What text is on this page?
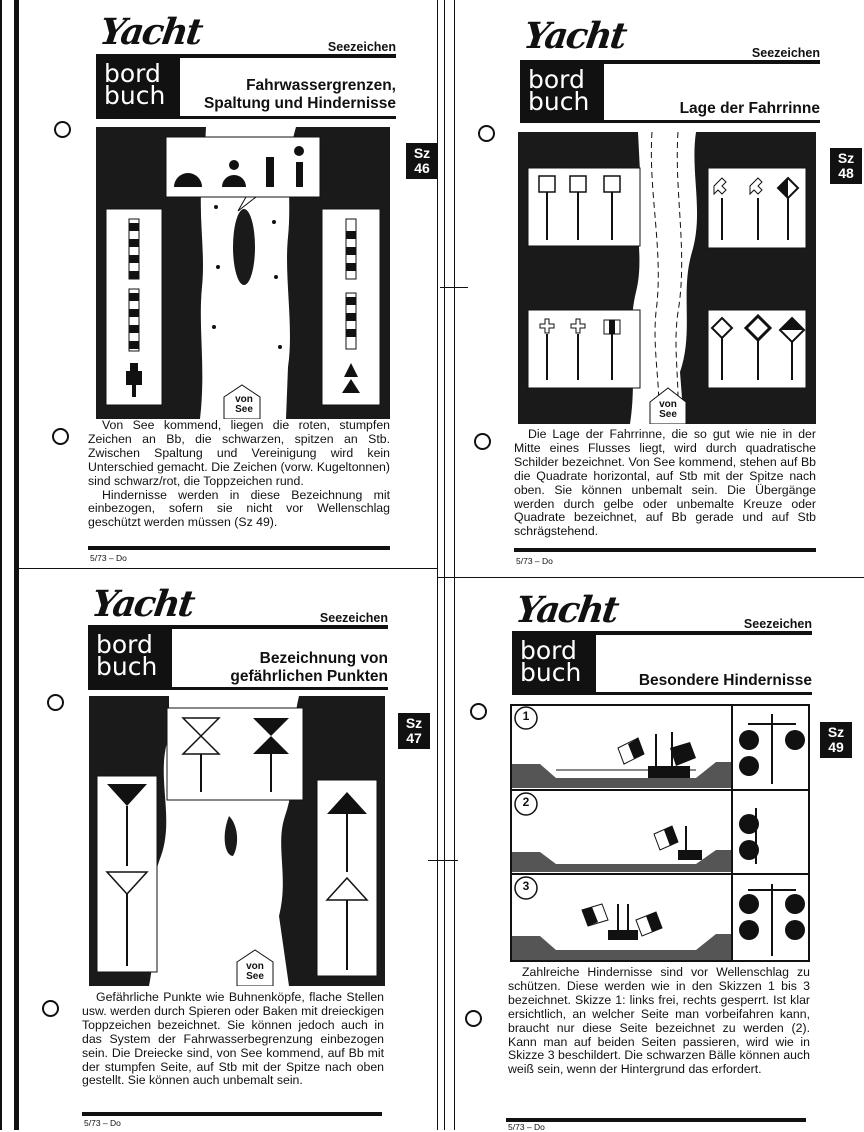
Yacht	Seezeichen
bord
buch	Fahrwassergrenzen,
Spaltung und Hindernisse
Sz
46
von
See

Von See kommend, liegen die roten, stumpfen Zeichen an Bb, die schwarzen, spitzen an Stb. Zwischen Spaltung und Vereinigung wird kein Unterschied gemacht. Die Zeichen (vorw. Kugeltonnen) sind schwarz/rot, die Toppzeichen rund.

Hindernisse werden in diese Bezeichnung mit einbezogen, sofern sie nicht vor Wellenschlag geschützt werden müssen (Sz 49).

5/73 – Do
Yacht	Seezeichen
bord
buch	Lage der Fahrrinne
Sz
48
von
See

Die Lage der Fahrrinne, die so gut wie nie in der Mitte eines Flusses liegt, wird durch quadratische Schilder bezeichnet. Von See kommend, stehen auf Bb die Quadrate horizontal, auf Stb mit der Spitze nach oben. Sie können unbemalt sein. Die Übergänge werden durch gelbe oder unbemalte Kreuze oder Quadrate bezeichnet, auf Bb gerade und auf Stb schrägstehend.

5/73 – Do
Yacht	Seezeichen
bord
buch	Bezeichnung von
gefährlichen Punkten
Sz
47
von
See

Gefährliche Punkte wie Buhnenköpfe, flache Stellen usw. werden durch Spieren oder Baken mit dreieckigen Toppzeichen bezeichnet. Sie können jedoch auch in das System der Fahrwasserbegrenzung einbezogen sein. Die Dreiecke sind, von See kommend, auf Bb mit der stumpfen Seite, auf Stb mit der Spitze nach oben gestellt. Sie können auch unbemalt sein.

5/73 – Do
Yacht	Seezeichen
bord
buch	Besondere Hindernisse
Sz
49
1
2
3

Zahlreiche Hindernisse sind vor Wellenschlag zu schützen. Diese werden wie in den Skizzen 1 bis 3 bezeichnet. Skizze 1: links frei, rechts gesperrt. Ist klar ersichtlich, an welcher Seite man vorbeifahren kann, braucht nur diese Seite bezeichnet zu werden (2). Kann man auf beiden Seiten passieren, wird wie in Skizze 3 beschildert. Die schwarzen Bälle können auch weiß sein, wenn der Hintergrund das erfordert.

5/73 – Do
